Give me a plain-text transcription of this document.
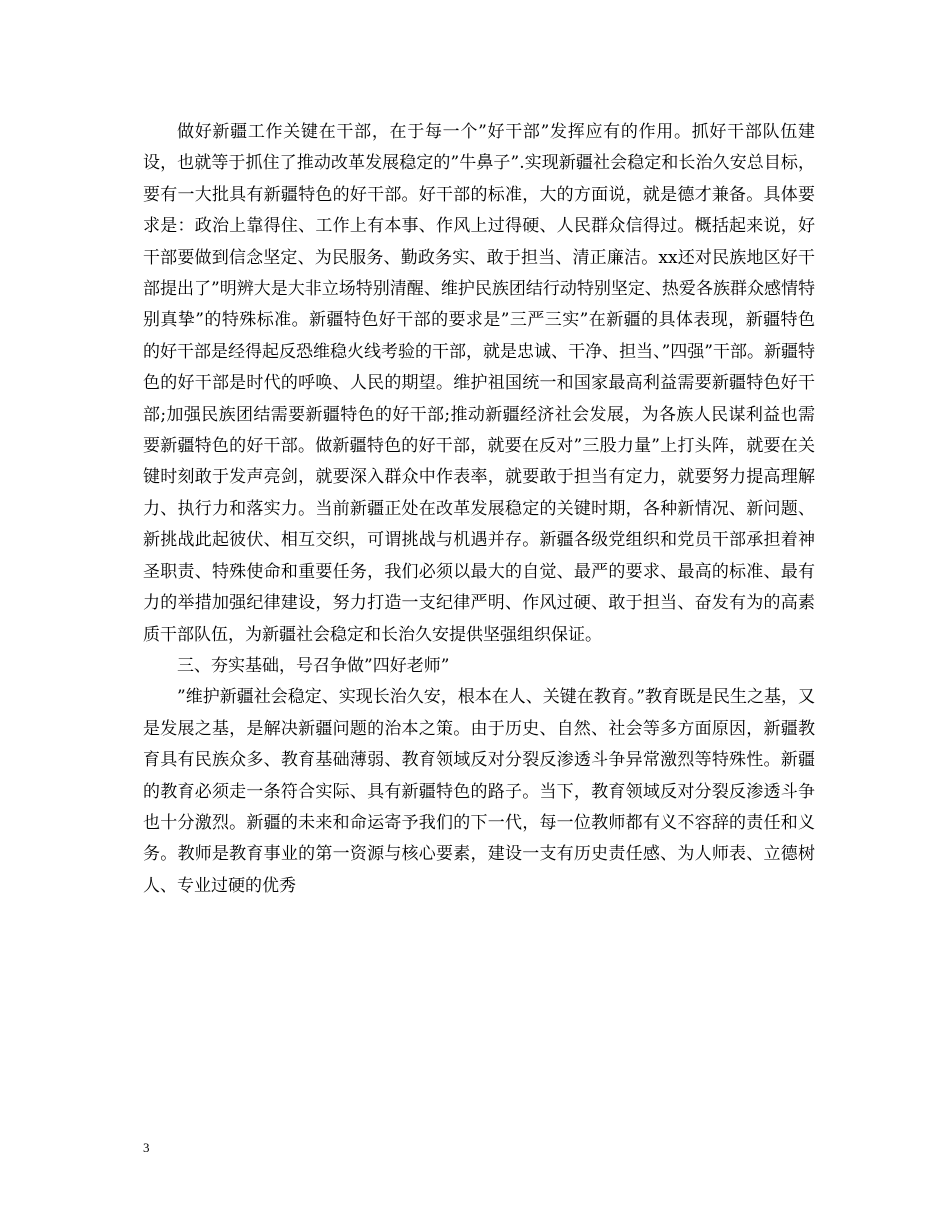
做好新疆工作关键在干部，在于每一个”好干部”发挥应有的作用。抓好干部队伍建设，也就等于抓住了推动改革发展稳定的”牛鼻子”.实现新疆社会稳定和长治久安总目标，要有一大批具有新疆特色的好干部。好干部的标准，大的方面说，就是德才兼备。具体要求是：政治上靠得住、工作上有本事、作风上过得硬、人民群众信得过。概括起来说，好干部要做到信念坚定、为民服务、勤政务实、敢于担当、清正廉洁。xx还对民族地区好干部提出了”明辨大是大非立场特别清醒、维护民族团结行动特别坚定、热爱各族群众感情特别真挚”的特殊标准。新疆特色好干部的要求是”三严三实”在新疆的具体表现，新疆特色的好干部是经得起反恐维稳火线考验的干部，就是忠诚、干净、担当、”四强”干部。新疆特色的好干部是时代的呼唤、人民的期望。维护祖国统一和国家最高利益需要新疆特色好干部;加强民族团结需要新疆特色的好干部;推动新疆经济社会发展，为各族人民谋利益也需要新疆特色的好干部。做新疆特色的好干部，就要在反对”三股力量”上打头阵，就要在关键时刻敢于发声亮剑，就要深入群众中作表率，就要敢于担当有定力，就要努力提高理解力、执行力和落实力。当前新疆正处在改革发展稳定的关键时期，各种新情况、新问题、新挑战此起彼伏、相互交织，可谓挑战与机遇并存。新疆各级党组织和党员干部承担着神圣职责、特殊使命和重要任务，我们必须以最大的自觉、最严的要求、最高的标准、最有力的举措加强纪律建设，努力打造一支纪律严明、作风过硬、敢于担当、奋发有为的高素质干部队伍，为新疆社会稳定和长治久安提供坚强组织保证。

三、夯实基础，号召争做”四好老师”

”维护新疆社会稳定、实现长治久安，根本在人、关键在教育。”教育既是民生之基，又是发展之基，是解决新疆问题的治本之策。由于历史、自然、社会等多方面原因，新疆教育具有民族众多、教育基础薄弱、教育领域反对分裂反渗透斗争异常激烈等特殊性。新疆的教育必须走一条符合实际、具有新疆特色的路子。当下，教育领域反对分裂反渗透斗争也十分激烈。新疆的未来和命运寄予我们的下一代，每一位教师都有义不容辞的责任和义务。教师是教育事业的第一资源与核心要素，建设一支有历史责任感、为人师表、立德树人、专业过硬的优秀

3
